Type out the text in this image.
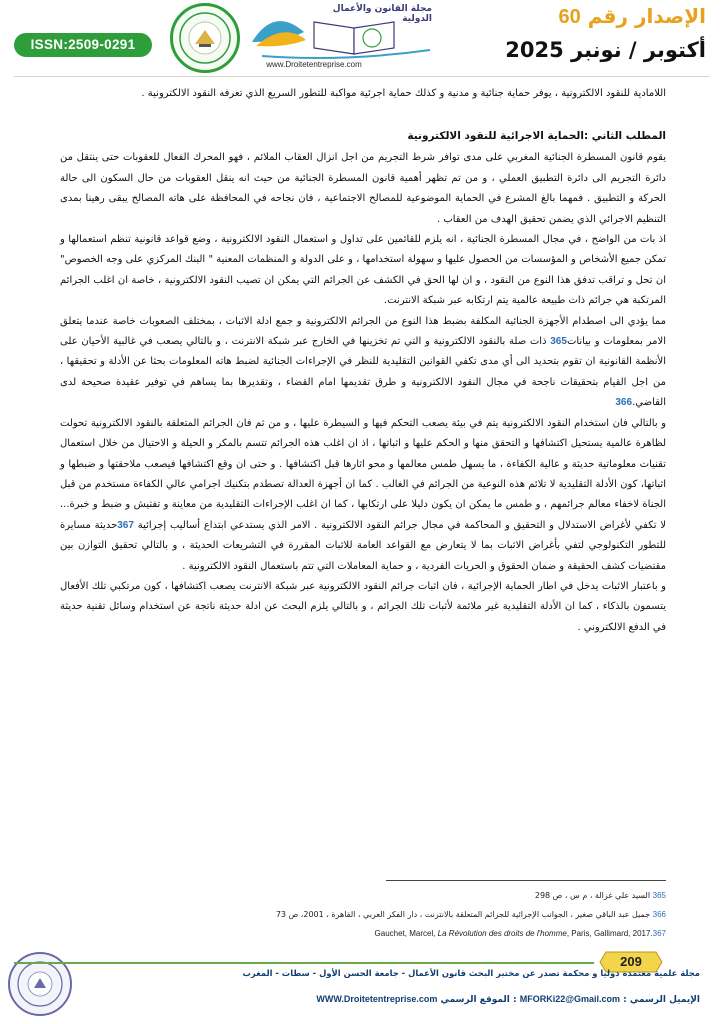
ISSN:2509-0291
مجلة القانون والأعمال الدولية
www.Droitetentreprise.com
الإصدار رقم 60
أكتوبر / نونبر 2025

اللامادية للنقود الالكترونية ، يوفر حماية جنائية و مدنية و كذلك حماية اجرئية مواكبة للتطور السريع الذي تعرفه النقود الالكترونية .

المطلب الثاني :الحماية الاجرائية للنقود الالكترونية

يقوم قانون المسطرة الجنائية المغربي على مدى توافر شرط التجريم من اجل انزال العقاب الملائم ، فهو المحرك الفعال للعقوبات حتى ينتقل من دائرة التجريم الى دائرة التطبيق العملي ، و من تم تظهر أهمية قانون المسطرة الجنائية من حيث انه ينقل العقوبات من حال السكون الى حالة الحركة و التطبيق . فمهما بالغ المشرع في الحماية الموضوعية للمصالح الاجتماعية ، فان نجاحه في المحافظة على هاته المصالح يبقى رهينا بمدى التنظيم الاجرائي الذي يضمن تحقيق الهدف من العقاب .

اذ بات من الواضح ، في مجال المسطرة الجنائية ، انه يلزم للقائمين على تداول و استعمال النقود الالكترونية ، وضع قواعد قانونية تنظم استعمالها و تمكن جميع الأشخاص و المؤسسات من الحصول عليها و سهولة استخدامها ، و على الدولة و المنظمات المعنية " البنك المركزي على وجه الخصوص" ان تحل و تراقب تدفق هذا النوع من النقود ، و ان لها الحق في الكشف عن الجرائم التي يمكن ان تصيب النقود الالكترونية ، خاصة ان اغلب الجرائم المرتكبة هي جرائم ذات طبيعة عالمية يتم ارتكابه عبر شبكة الانترنت.

مما يؤدي الى اصطدام الأجهزة الجنائية المكلفة بضبط هذا النوع من الجرائم الالكترونية و جمع ادلة الاثبات ، بمختلف الصعوبات خاصة عندما يتعلق الامر بمعلومات و بيانات365 ذات صلة بالنقود الالكترونية و التي تم تخزينها في الخارج عبر شبكة الانترنت ، و بالتالي يصعب في غالبية الأحيان على الأنظمة القانونية ان تقوم بتحديد الى أي مدى تكفي القوانين التقليدية للنظر في الإجراءات الجنائية لضبط هاته المعلومات بحثا عن الأدلة و تحقيقها ، من اجل القيام بتحقيقات ناجحة في مجال النقود الالكترونية و طرق تقديمها امام القضاء ، وتقديرها بما يساهم في توفير عقيدة صحيحة لدى القاضي.366

و بالتالي فان استخدام النقود الالكترونية يتم في بيئة يصعب التحكم فيها و السيطرة عليها ، و من ثم فان الجرائم المتعلقة بالنقود الالكترونية تحولت لظاهرة عالمية يستحيل اكتشافها و التحقق منها و الحكم عليها و اثباتها ، اذ ان اغلب هذه الجرائم تتسم بالمكر و الحيلة و الاحتيال من خلال استعمال تقنيات معلوماتية حديثة و عالية الكفاءة ، ما يسهل طمس معالمها و محو اثارها قبل اكتشافها . و حتى ان وقع اكتشافها فيصعب ملاحقتها و ضبطها و اثباتها، كون الأدلة التقليدية لا تلائم هذه النوعية من الجرائم في الغالب . كما ان أجهزة العدالة تصطدم بتكنيك اجرامي عالي الكفاءة مستخدم من قبل الجناة لاخفاء معالم جرائمهم ، و طمس ما يمكن ان يكون دليلا على ارتكابها ، كما ان اغلب الإجراءات التقليدية من معاينة و تفتيش و ضبط و خبرة... لا تكفي لأغراض الاستدلال و التحقيق و المحاكمة في مجال جرائم النقود الالكترونية . الامر الذي يستدعي ابتداع أساليب إجرائية 367حديثة مسايرة للتطور التكنولوجي لتفي بأغراض الاثبات بما لا يتعارض مع القواعد العامة للاثبات المقررة في التشريعات الحديثة ، و بالتالي تحقيق التوازن بين مقتضيات كشف الحقيقة و ضمان الحقوق و الحريات الفردية ، و حماية المعاملات التي تتم باستعمال النقود الالكترونية .

و باعتبار الاثبات يدخل في اطار الحماية الإجرائية ، فان اثبات جرائم النقود الالكترونية عبر شبكة الانترنت يصعب اكتشافها ، كون مرتكبي تلك الأفعال يتسمون بالذكاء ، كما ان الأدلة التقليدية غير ملائمة لأثبات تلك الجرائم ، و بالتالي يلزم البحث عن ادلة حديثة ناتجة عن استخدام وسائل تقنية حديثة في الدفع الالكتروني .

365 السيد علي غزالة ، م س ، ص 298
366 جميل عبد الباقي صغير ، الجوانب الإجرائية للجرائم المتعلقة بالانترنت ، دار الفكر العربي ، القاهرة ، 2001، ص 73
Gauchet, Marcel, La Révolution des droits de l'homme, Paris, Gallimard, 2017.367
209
مجلة علمية معتمدة دوليا و محكمة تصدر عن مختبر البحث قانون الأعمال - جامعة الحسن الأول - سطات - المغرب
الإيميل الرسمي : MFORKi22@Gmail.com : الموقع الرسمي WWW.Droitetentreprise.com
